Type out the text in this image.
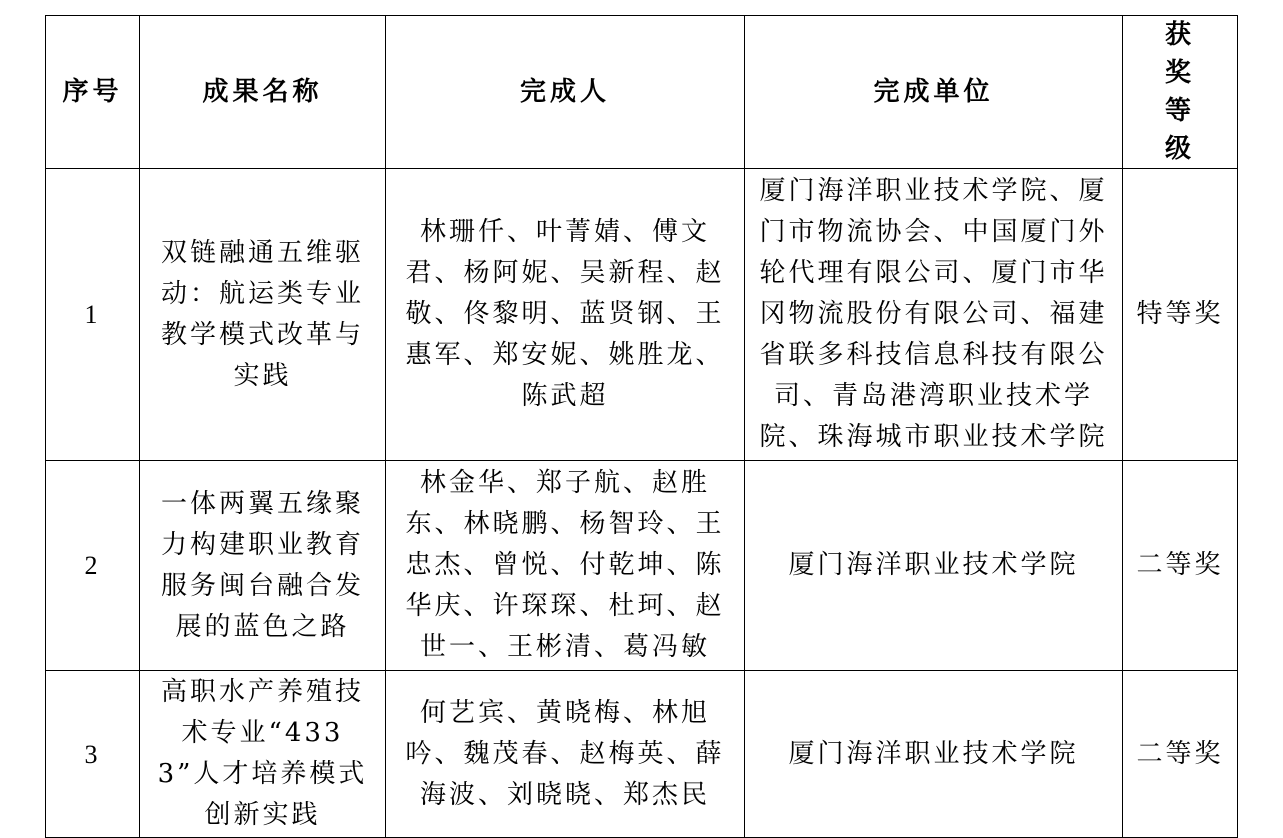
序号	成果名称	完成人	完成单位	获奖等级
1	双链融通五维驱动：航运类专业教学模式改革与实践	林珊仟、叶菁婧、傅文君、杨阿妮、吴新程、赵敬、佟黎明、蓝贤钢、王惠军、郑安妮、姚胜龙、陈武超	厦门海洋职业技术学院、厦门市物流协会、中国厦门外轮代理有限公司、厦门市华冈物流股份有限公司、福建省联多科技信息科技有限公司、青岛港湾职业技术学院、珠海城市职业技术学院	特等奖
2	一体两翼五缘聚力构建职业教育服务闽台融合发展的蓝色之路	林金华、郑子航、赵胜东、林晓鹏、杨智玲、王忠杰、曾悦、付乾坤、陈华庆、许琛琛、杜珂、赵世一、王彬清、葛冯敏	厦门海洋职业技术学院	二等奖
3	高职水产养殖技术专业“4333”人才培养模式创新实践	何艺宾、黄晓梅、林旭吟、魏茂春、赵梅英、薛海波、刘晓晓、郑杰民	厦门海洋职业技术学院	二等奖
